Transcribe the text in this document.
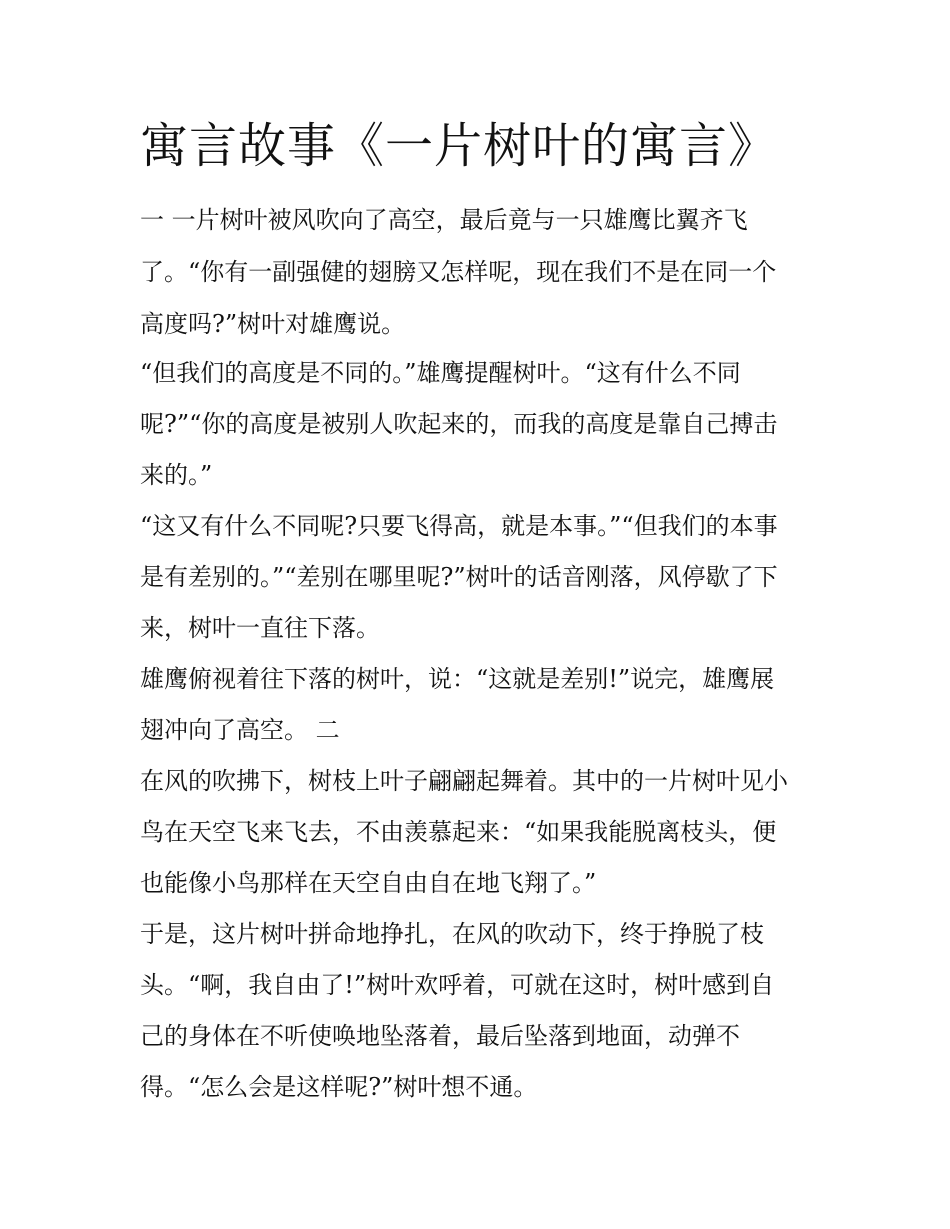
寓言故事《一片树叶的寓言》
一 一片树叶被风吹向了高空，最后竟与一只雄鹰比翼齐飞
了。“你有一副强健的翅膀又怎样呢，现在我们不是在同一个
高度吗?”树叶对雄鹰说。
“但我们的高度是不同的。”雄鹰提醒树叶。“这有什么不同
呢?”“你的高度是被别人吹起来的，而我的高度是靠自己搏击
来的。”
“这又有什么不同呢?只要飞得高，就是本事。”“但我们的本事
是有差别的。”“差别在哪里呢?”树叶的话音刚落，风停歇了下
来，树叶一直往下落。
雄鹰俯视着往下落的树叶，说：“这就是差别!”说完，雄鹰展
翅冲向了高空。 二
在风的吹拂下，树枝上叶子翩翩起舞着。其中的一片树叶见小
鸟在天空飞来飞去，不由羡慕起来：“如果我能脱离枝头，便
也能像小鸟那样在天空自由自在地飞翔了。”
于是，这片树叶拼命地挣扎，在风的吹动下，终于挣脱了枝
头。“啊，我自由了!”树叶欢呼着，可就在这时，树叶感到自
己的身体在不听使唤地坠落着，最后坠落到地面，动弹不
得。“怎么会是这样呢?”树叶想不通。
